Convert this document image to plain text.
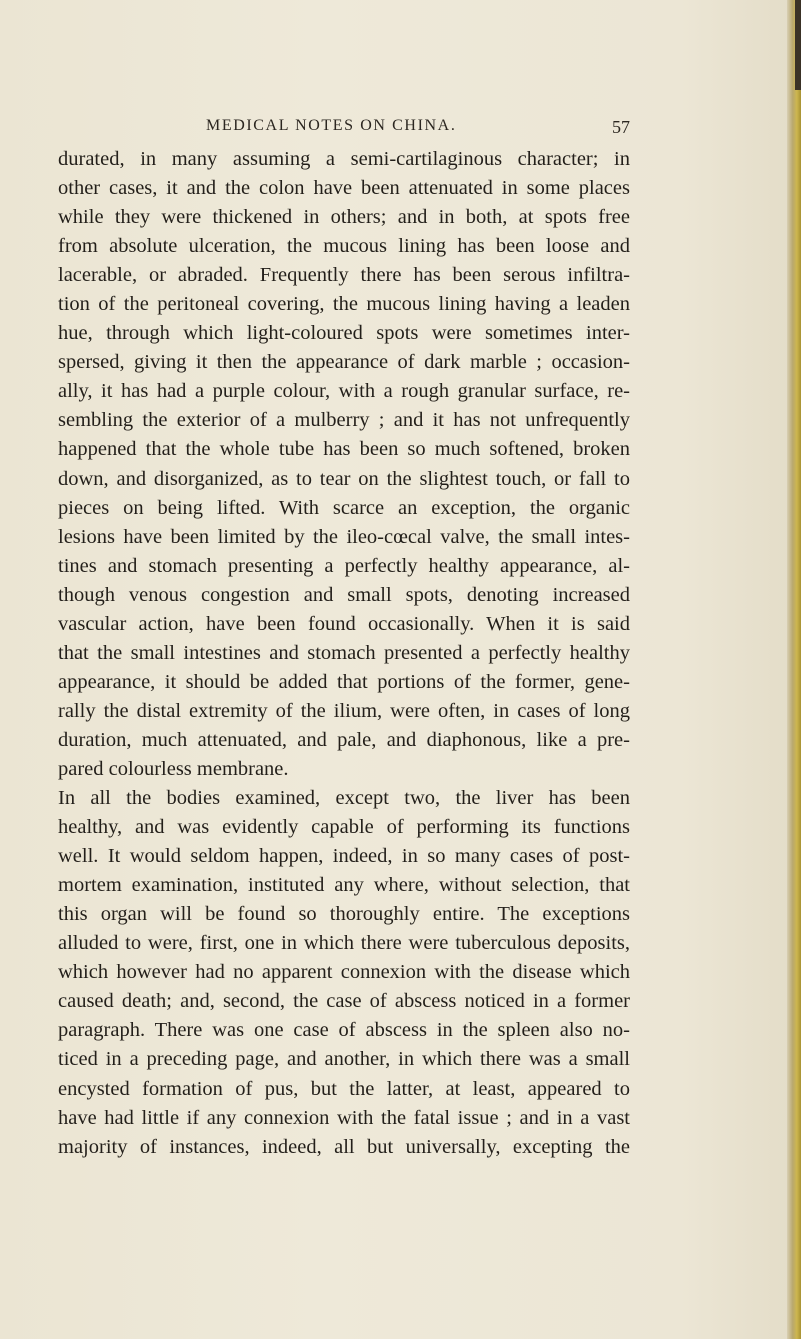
MEDICAL NOTES ON CHINA.	57
durated, in many assuming a semi-cartilaginous character; in
other cases, it and the colon have been attenuated in some places
while they were thickened in others; and in both, at spots free
from absolute ulceration, the mucous lining has been loose and
lacerable, or abraded. Frequently there has been serous infiltra-
tion of the peritoneal covering, the mucous lining having a leaden
hue, through which light-coloured spots were sometimes inter-
spersed, giving it then the appearance of dark marble ; occasion-
ally, it has had a purple colour, with a rough granular surface, re-
sembling the exterior of a mulberry ; and it has not unfrequently
happened that the whole tube has been so much softened, broken
down, and disorganized, as to tear on the slightest touch, or fall to
pieces on being lifted. With scarce an exception, the organic
lesions have been limited by the ileo-cœcal valve, the small intes-
tines and stomach presenting a perfectly healthy appearance, al-
though venous congestion and small spots, denoting increased
vascular action, have been found occasionally. When it is said
that the small intestines and stomach presented a perfectly healthy
appearance, it should be added that portions of the former, gene-
rally the distal extremity of the ilium, were often, in cases of long
duration, much attenuated, and pale, and diaphonous, like a pre-
pared colourless membrane.
In all the bodies examined, except two, the liver has been
healthy, and was evidently capable of performing its functions
well. It would seldom happen, indeed, in so many cases of post-
mortem examination, instituted any where, without selection, that
this organ will be found so thoroughly entire. The exceptions
alluded to were, first, one in which there were tuberculous deposits,
which however had no apparent connexion with the disease which
caused death; and, second, the case of abscess noticed in a former
paragraph. There was one case of abscess in the spleen also no-
ticed in a preceding page, and another, in which there was a small
encysted formation of pus, but the latter, at least, appeared to
have had little if any connexion with the fatal issue ; and in a vast
majority of instances, indeed, all but universally, excepting the
